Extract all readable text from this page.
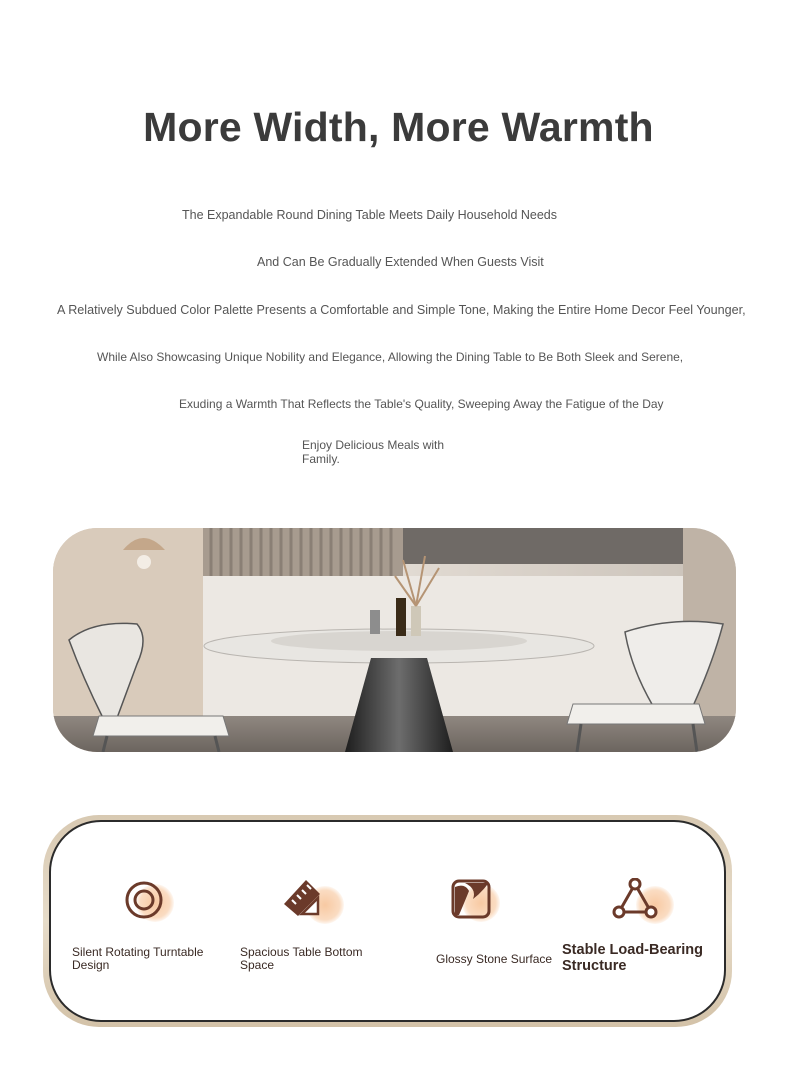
More Width, More Warmth
The Expandable Round Dining Table Meets Daily Household Needs
And Can Be Gradually Extended When Guests Visit
A Relatively Subdued Color Palette Presents a Comfortable and Simple Tone, Making the Entire Home Decor Feel Younger,
While Also Showcasing Unique Nobility and Elegance, Allowing the Dining Table to Be Both Sleek and Serene,
Exuding a Warmth That Reflects the Table's Quality, Sweeping Away the Fatigue of the Day
Enjoy Delicious Meals with Family.
Silent Rotating Turntable Design
Spacious Table Bottom Space	Glossy Stone Surface
Stable Load-Bearing Structure
